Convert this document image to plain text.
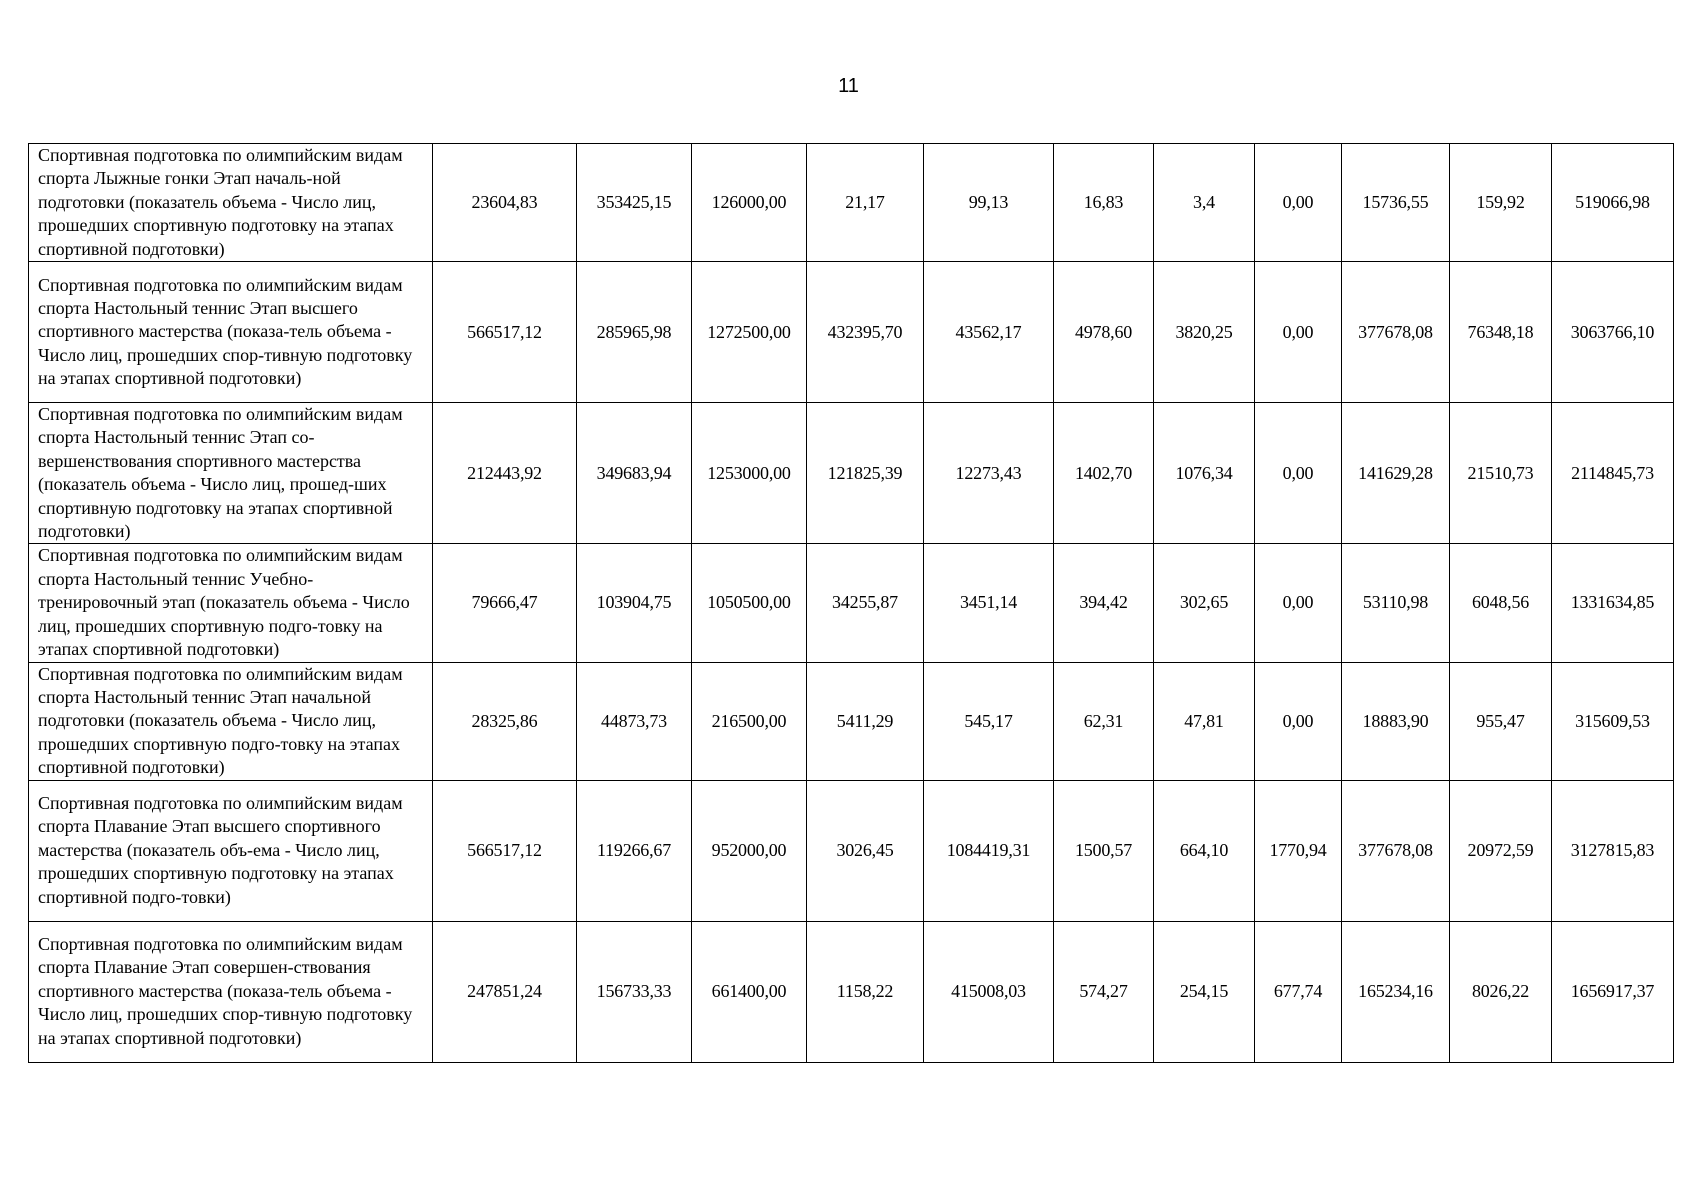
11
Спортивная подготовка по олимпийским видам спорта Лыжные гонки Этап началь-ной подготовки (показатель объема - Число лиц, прошедших спортивную подготовку на этапах спортивной подготовки)	23604,83	353425,15	126000,00	21,17	99,13	16,83	3,4	0,00	15736,55	159,92	519066,98
Спортивная подготовка по олимпийским видам спорта Настольный теннис Этап высшего спортивного мастерства (показа-тель объема - Число лиц, прошедших спор-тивную подготовку на этапах спортивной подготовки)	566517,12	285965,98	1272500,00	432395,70	43562,17	4978,60	3820,25	0,00	377678,08	76348,18	3063766,10
Спортивная подготовка по олимпийским видам спорта Настольный теннис Этап со-вершенствования спортивного мастерства (показатель объема - Число лиц, прошед-ших спортивную подготовку на этапах спортивной подготовки)	212443,92	349683,94	1253000,00	121825,39	12273,43	1402,70	1076,34	0,00	141629,28	21510,73	2114845,73
Спортивная подготовка по олимпийским видам спорта Настольный теннис Учебно-тренировочный этап (показатель объема - Число лиц, прошедших спортивную подго-товку на этапах спортивной подготовки)	79666,47	103904,75	1050500,00	34255,87	3451,14	394,42	302,65	0,00	53110,98	6048,56	1331634,85
Спортивная подготовка по олимпийским видам спорта Настольный теннис Этап начальной подготовки (показатель объема - Число лиц, прошедших спортивную подго-товку на этапах спортивной подготовки)	28325,86	44873,73	216500,00	5411,29	545,17	62,31	47,81	0,00	18883,90	955,47	315609,53
Спортивная подготовка по олимпийским видам спорта Плавание Этап высшего спортивного мастерства (показатель объ-ема - Число лиц, прошедших спортивную подготовку на этапах спортивной подго-товки)	566517,12	119266,67	952000,00	3026,45	1084419,31	1500,57	664,10	1770,94	377678,08	20972,59	3127815,83
Спортивная подготовка по олимпийским видам спорта Плавание Этап совершен-ствования спортивного мастерства (показа-тель объема - Число лиц, прошедших спор-тивную подготовку на этапах спортивной подготовки)	247851,24	156733,33	661400,00	1158,22	415008,03	574,27	254,15	677,74	165234,16	8026,22	1656917,37
